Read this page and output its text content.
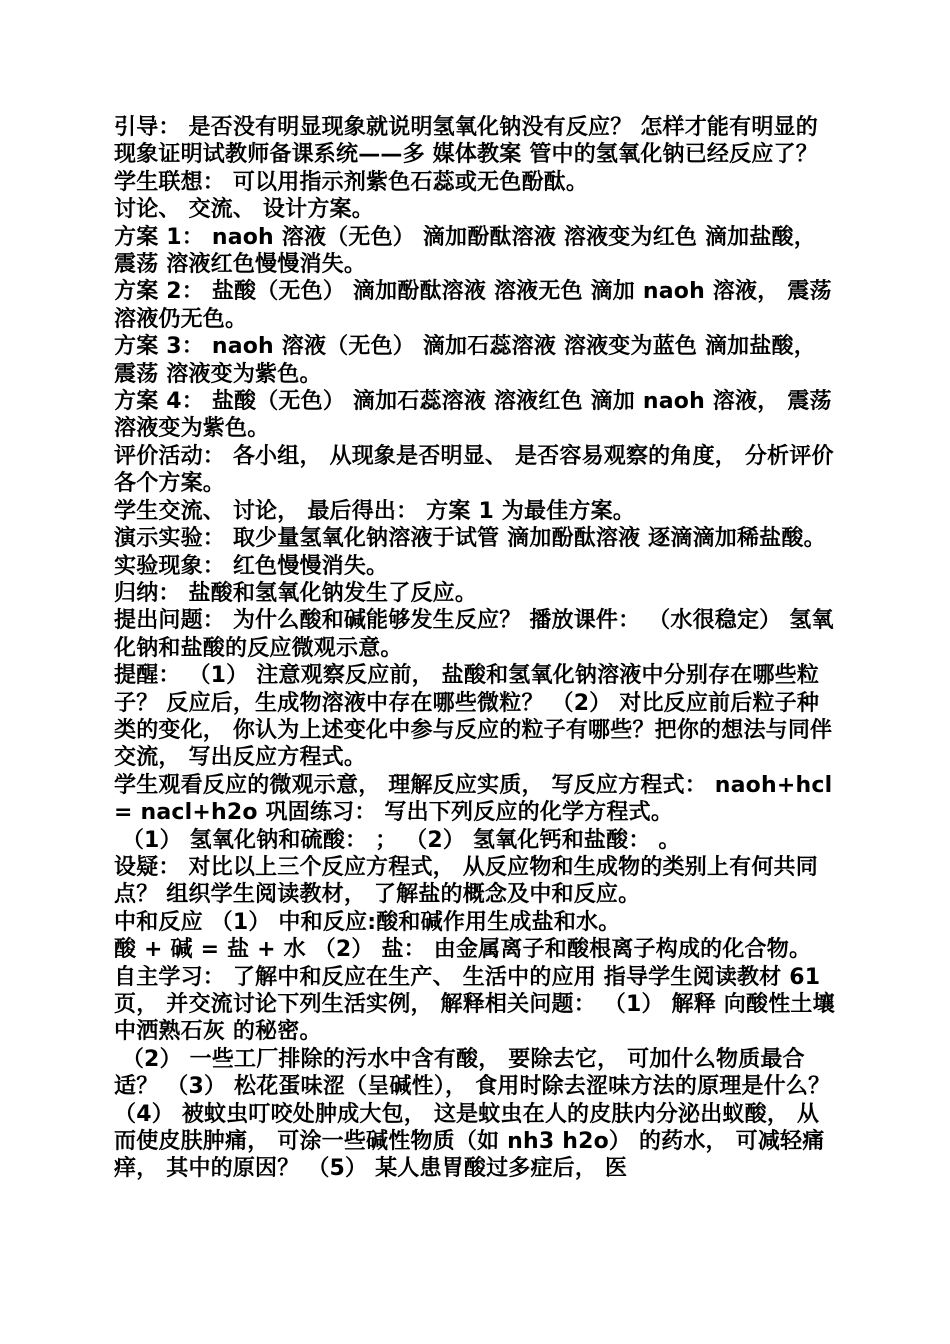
引导： 是否没有明显现象就说明氢氧化钠没有反应？ 怎样才能有明显的现象证明试教师备课系统——多 媒体教案 管中的氢氧化钠已经反应了？ 学生联想： 可以用指示剂紫色石蕊或无色酚酞。

讨论、 交流、 设计方案。

方案 1： naoh 溶液（无色） 滴加酚酞溶液 溶液变为红色 滴加盐酸， 震荡 溶液红色慢慢消失。

方案 2： 盐酸（无色） 滴加酚酞溶液 溶液无色 滴加 naoh 溶液， 震荡 溶液仍无色。

方案 3： naoh 溶液（无色） 滴加石蕊溶液 溶液变为蓝色 滴加盐酸， 震荡 溶液变为紫色。

方案 4： 盐酸（无色） 滴加石蕊溶液 溶液红色 滴加 naoh 溶液， 震荡 溶液变为紫色。

评价活动： 各小组， 从现象是否明显、 是否容易观察的角度， 分析评价各个方案。

学生交流、 讨论， 最后得出： 方案 1 为最佳方案。

演示实验： 取少量氢氧化钠溶液于试管 滴加酚酞溶液 逐滴滴加稀盐酸。

实验现象： 红色慢慢消失。

归纳： 盐酸和氢氧化钠发生了反应。

提出问题： 为什么酸和碱能够发生反应？ 播放课件： （水很稳定） 氢氧化钠和盐酸的反应微观示意。

提醒： （1） 注意观察反应前， 盐酸和氢氧化钠溶液中分别存在哪些粒子？ 反应后，生成物溶液中存在哪些微粒？ （2） 对比反应前后粒子种类的变化， 你认为上述变化中参与反应的粒子有哪些？把你的想法与同伴交流， 写出反应方程式。

学生观看反应的微观示意， 理解反应实质， 写反应方程式： naoh+hcl= nacl+h2o 巩固练习： 写出下列反应的化学方程式。

（1） 氢氧化钠和硫酸： ； （2） 氢氧化钙和盐酸： 。

设疑： 对比以上三个反应方程式， 从反应物和生成物的类别上有何共同点？ 组织学生阅读教材， 了解盐的概念及中和反应。

中和反应 （1） 中和反应:酸和碱作用生成盐和水。

酸 + 碱 = 盐 + 水 （2） 盐： 由金属离子和酸根离子构成的化合物。

自主学习： 了解中和反应在生产、 生活中的应用 指导学生阅读教材 61 页， 并交流讨论下列生活实例， 解释相关问题： （1） 解释 向酸性土壤中洒熟石灰 的秘密。

（2） 一些工厂排除的污水中含有酸， 要除去它， 可加什么物质最合适？ （3） 松花蛋味涩（呈碱性）， 食用时除去涩味方法的原理是什么？ （4） 被蚊虫叮咬处肿成大包， 这是蚊虫在人的皮肤内分泌出蚁酸， 从而使皮肤肿痛， 可涂一些碱性物质（如 nh3 h2o） 的药水， 可减轻痛痒， 其中的原因？ （5） 某人患胃酸过多症后， 医
